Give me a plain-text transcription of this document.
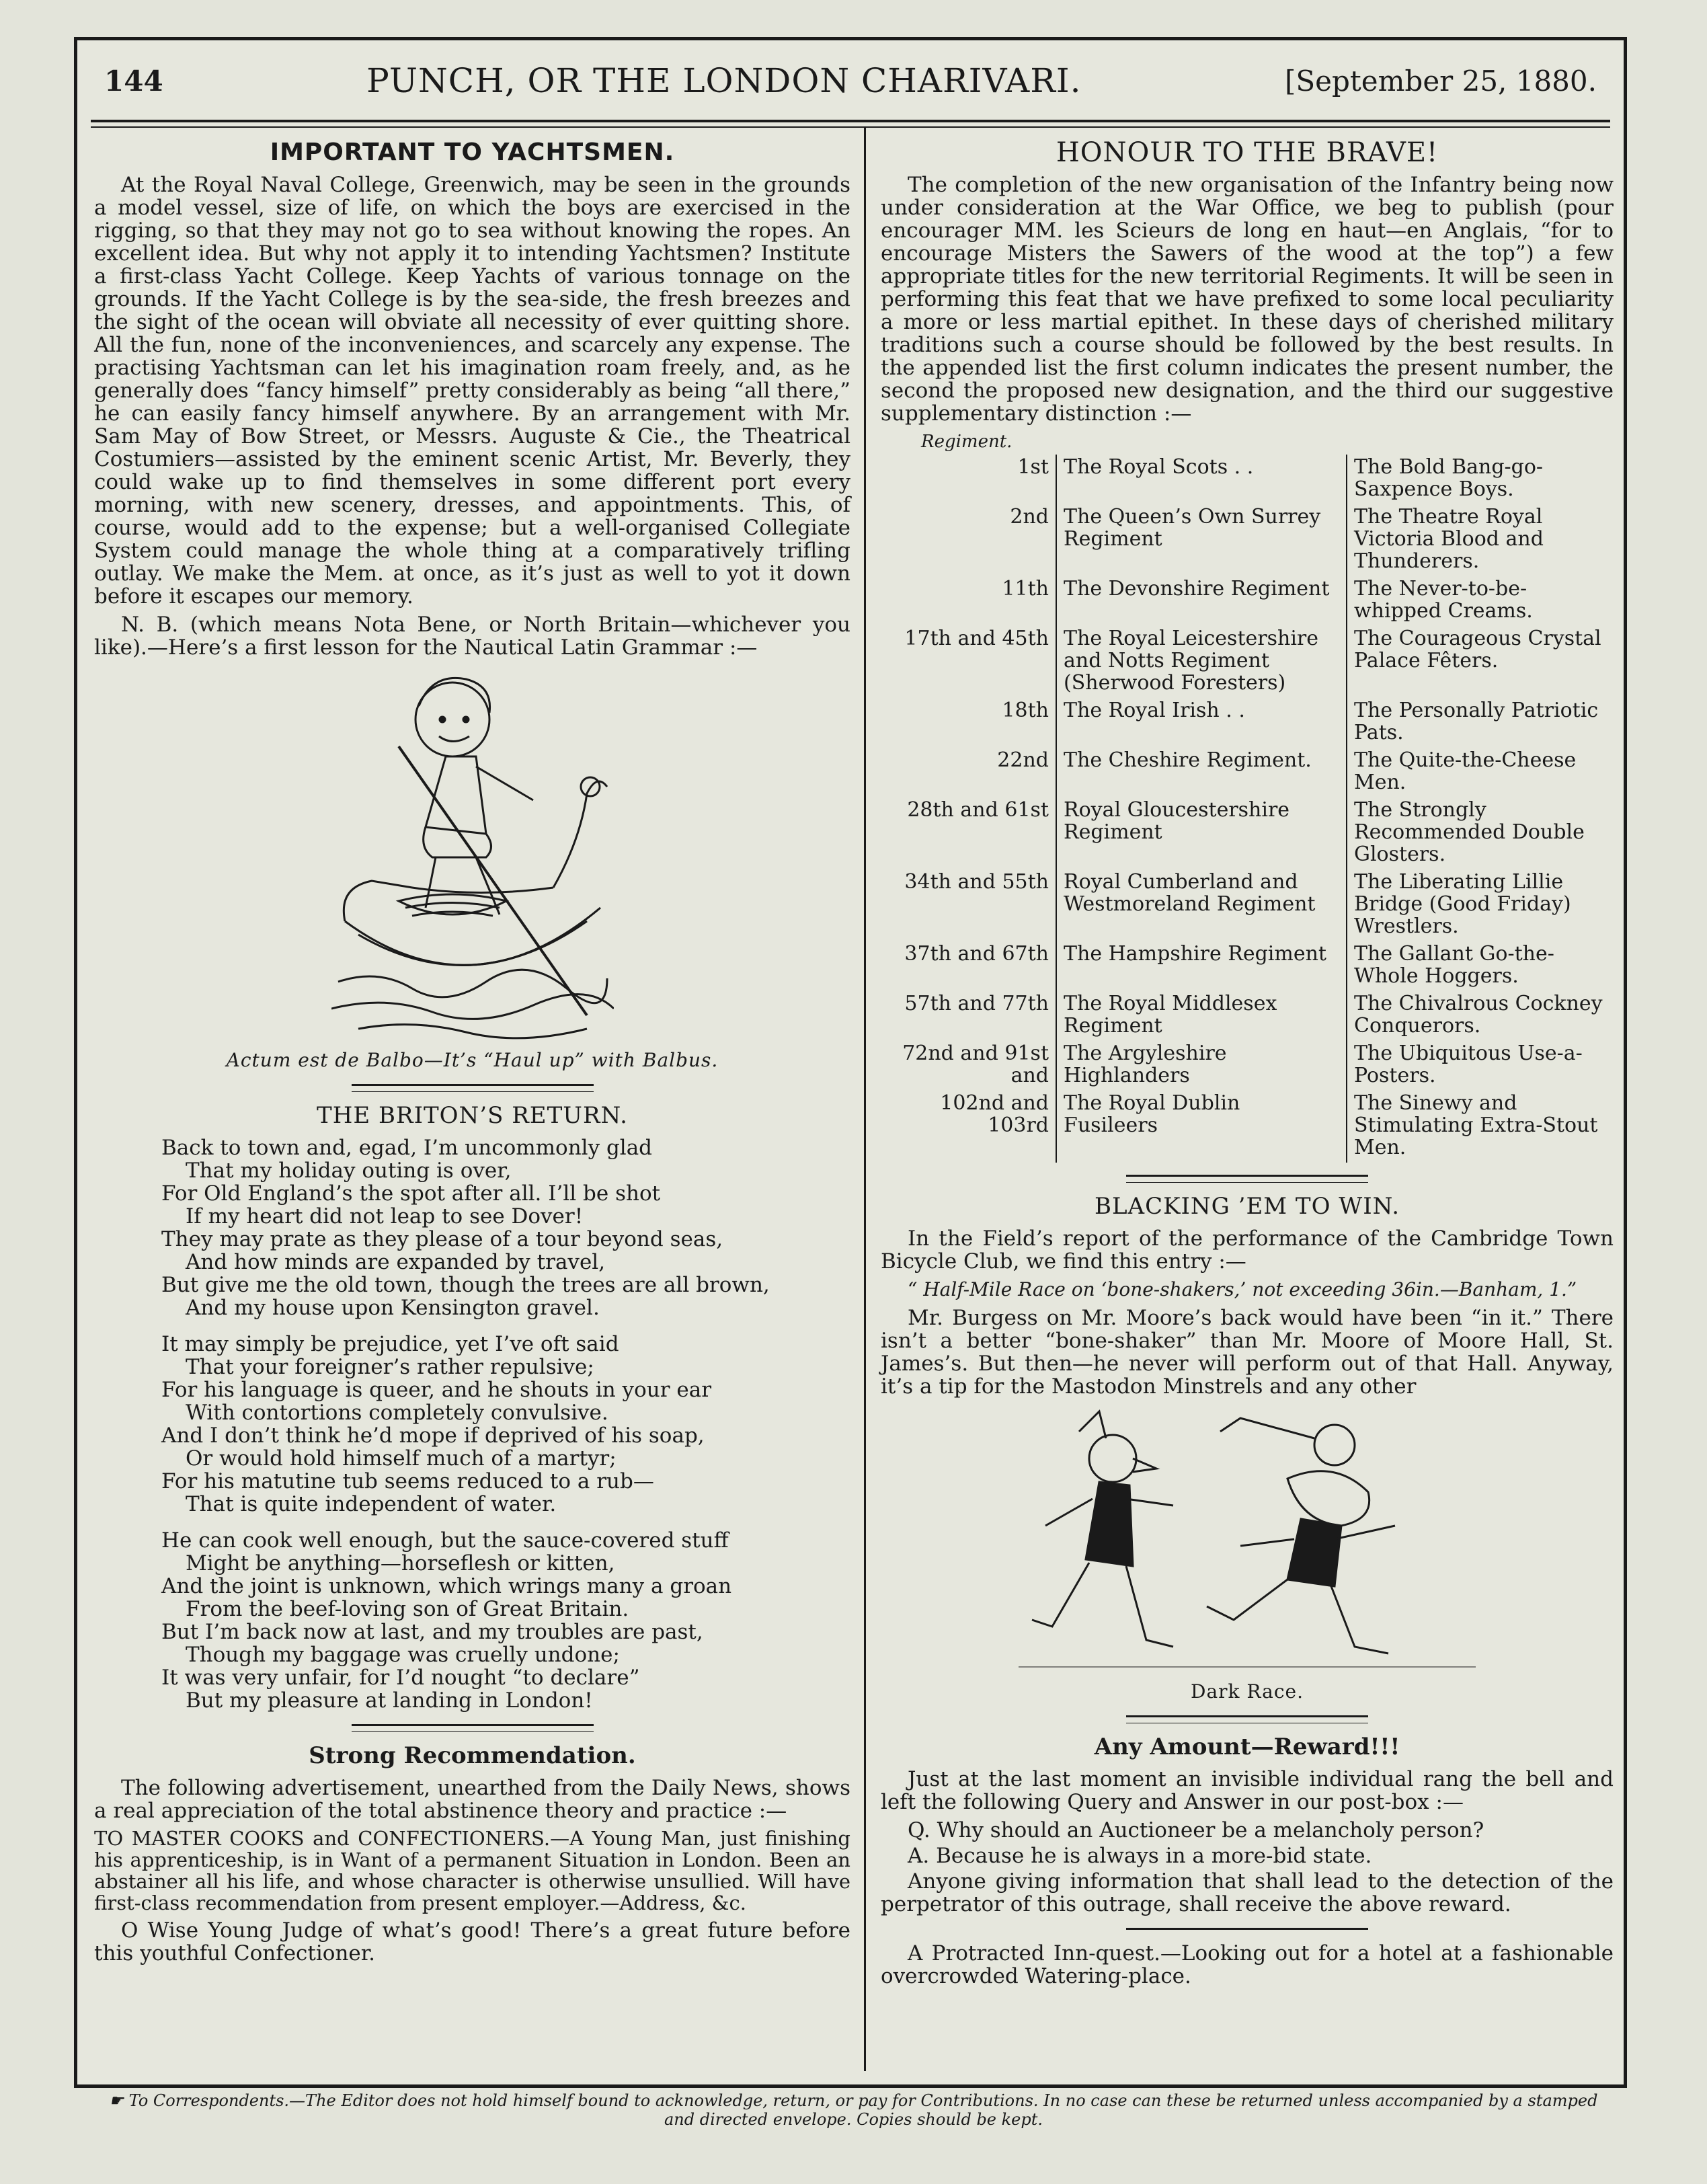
144	PUNCH, OR THE LONDON CHARIVARI.	[September 25, 1880.
IMPORTANT TO YACHTSMEN.

At the Royal Naval College, Greenwich, may be seen in the grounds a model vessel, size of life, on which the boys are exercised in the rigging, so that they may not go to sea without knowing the ropes. An excellent idea. But why not apply it to intending Yachtsmen? Institute a first-class Yacht College. Keep Yachts of various tonnage on the grounds. If the Yacht College is by the sea-side, the fresh breezes and the sight of the ocean will obviate all necessity of ever quitting shore. All the fun, none of the inconveniences, and scarcely any expense. The practising Yachtsman can let his imagination roam freely, and, as he generally does “fancy himself” pretty considerably as being “all there,” he can easily fancy himself anywhere. By an arrangement with Mr. Sam May of Bow Street, or Messrs. Auguste & Cie., the Theatrical Costumiers—assisted by the eminent scenic Artist, Mr. Beverly, they could wake up to find themselves in some different port every morning, with new scenery, dresses, and appointments. This, of course, would add to the expense; but a well-organised Collegiate System could manage the whole thing at a comparatively trifling outlay. We make the Mem. at once, as it’s just as well to yot it down before it escapes our memory.

N. B. (which means Nota Bene, or North Britain—whichever you like).—Here’s a first lesson for the Nautical Latin Grammar :—

Actum est de Balbo—It’s “Haul up” with Balbus.
THE BRITON’S RETURN.
Back to town and, egad, I’m uncommonly glad
That my holiday outing is over,
For Old England’s the spot after all. I’ll be shot
If my heart did not leap to see Dover!
They may prate as they please of a tour beyond seas,
And how minds are expanded by travel,
But give me the old town, though the trees are all brown,
And my house upon Kensington gravel.
It may simply be prejudice, yet I’ve oft said
That your foreigner’s rather repulsive;
For his language is queer, and he shouts in your ear
With contortions completely convulsive.
And I don’t think he’d mope if deprived of his soap,
Or would hold himself much of a martyr;
For his matutine tub seems reduced to a rub—
That is quite independent of water.
He can cook well enough, but the sauce-covered stuff
Might be anything—horseflesh or kitten,
And the joint is unknown, which wrings many a groan
From the beef-loving son of Great Britain.
But I’m back now at last, and my troubles are past,
Though my baggage was cruelly undone;
It was very unfair, for I’d nought “to declare”
But my pleasure at landing in London!
Strong Recommendation.

The following advertisement, unearthed from the Daily News, shows a real appreciation of the total abstinence theory and practice :—

TO MASTER COOKS and CONFECTIONERS.—A Young Man, just finishing his apprenticeship, is in Want of a permanent Situation in London. Been an abstainer all his life, and whose character is otherwise unsullied. Will have first-class recommendation from present employer.—Address, &c.

O Wise Young Judge of what’s good! There’s a great future before this youthful Confectioner.

HONOUR TO THE BRAVE!

The completion of the new organisation of the Infantry being now under consideration at the War Office, we beg to publish (pour encourager MM. les Scieurs de long en haut—en Anglais, “for to encourage Misters the Sawers of the wood at the top”) a few appropriate titles for the new territorial Regiments. It will be seen in performing this feat that we have prefixed to some local peculiarity a more or less martial epithet. In these days of cherished military traditions such a course should be followed by the best results. In the appended list the first column indicates the present number, the second the proposed new designation, and the third our suggestive supplementary distinction :—

Regiment.
1st	The Royal Scots . .	The Bold Bang-go-Saxpence Boys.
2nd	The Queen’s Own Surrey Regiment	The Theatre Royal Victoria Blood and Thunderers.
11th	The Devonshire Regiment	The Never-to-be-whipped Creams.
17th and 45th	The Royal Leicestershire and Notts Regiment (Sherwood Foresters)	The Courageous Crystal Palace Fêters.
18th	The Royal Irish . .	The Personally Patriotic Pats.
22nd	The Cheshire Regiment.	The Quite-the-Cheese Men.
28th and 61st	Royal Gloucestershire Regiment	The Strongly Recommended Double Glosters.
34th and 55th	Royal Cumberland and Westmoreland Regiment	The Liberating Lillie Bridge (Good Friday) Wrestlers.
37th and 67th	The Hampshire Regiment	The Gallant Go-the-Whole Hoggers.
57th and 77th	The Royal Middlesex Regiment	The Chivalrous Cockney Conquerors.
72nd and 91st and	The Argyleshire Highlanders	The Ubiquitous Use-a-Posters.
102nd and 103rd	The Royal Dublin Fusileers	The Sinewy and Stimulating Extra-Stout Men.
BLACKING ’EM TO WIN.

In the Field’s report of the performance of the Cambridge Town Bicycle Club, we find this entry :—

“ Half-Mile Race on ‘bone-shakers,’ not exceeding 36in.—Banham, 1.”

Mr. Burgess on Mr. Moore’s back would have been “in it.” There isn’t a better “bone-shaker” than Mr. Moore of Moore Hall, St. James’s. But then—he never will perform out of that Hall. Anyway, it’s a tip for the Mastodon Minstrels and any other

Dark Race.
Any Amount—Reward!!!

Just at the last moment an invisible individual rang the bell and left the following Query and Answer in our post-box :—

Q. Why should an Auctioneer be a melancholy person?

A. Because he is always in a more-bid state.

Anyone giving information that shall lead to the detection of the perpetrator of this outrage, shall receive the above reward.

A Protracted Inn-quest.—Looking out for a hotel at a fashionable overcrowded Watering-place.

☛ To Correspondents.—The Editor does not hold himself bound to acknowledge, return, or pay for Contributions. In no case can these be returned unless accompanied by a stamped and directed envelope. Copies should be kept.
